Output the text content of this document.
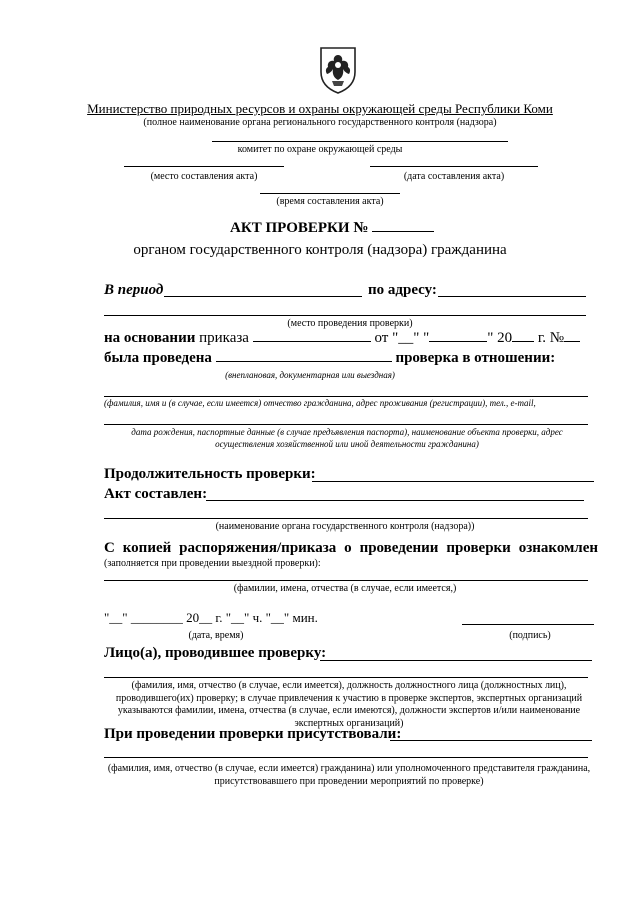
Министерство природных ресурсов и охраны окружающей среды Республики Коми
(полное наименование органа регионального государственного контроля (надзора)
комитет по охране окружающей среды
(место составления акта)	(дата составления акта)
(время составления акта)
АКТ ПРОВЕРКИ №
органом государственного контроля (надзора) гражданина
В период	по адресу:
(место проведения проверки)
на основании приказа	от "__" "	" 20 г. №
была проведена	проверка в отношении:
(внеплановая, документарная или выездная)
(фамилия, имя и (в случае, если имеется) отчество гражданина, адрес проживания (регистрации), тел., e-mail,
дата рождения, паспортные данные (в случае предъявления паспорта), наименование объекта проверки, адрес осуществления хозяйственной или иной деятельности гражданина)
Продолжительность проверки:
Акт составлен:
(наименование органа государственного контроля (надзора))
С копией распоряжения/приказа о проведении проверки ознакомлен
(заполняется при проведении выездной проверки):
(фамилии, имена, отчества (в случае, если имеется,)
"__" ________ 20__ г. "__" ч. "__" мин.
(дата, время)	(подпись)
Лицо(а), проводившее проверку:
(фамилия, имя, отчество (в случае, если имеется), должность должностного лица (должностных лиц), проводившего(их) проверку; в случае привлечения к участию в проверке экспертов, экспертных организаций указываются фамилии, имена, отчества (в случае, если имеются), должности экспертов и/или наименование экспертных организаций)
При проведении проверки присутствовали:
(фамилия, имя, отчество (в случае, если имеется) гражданина) или уполномоченного представителя гражданина, присутствовавшего при проведении мероприятий по проверке)
